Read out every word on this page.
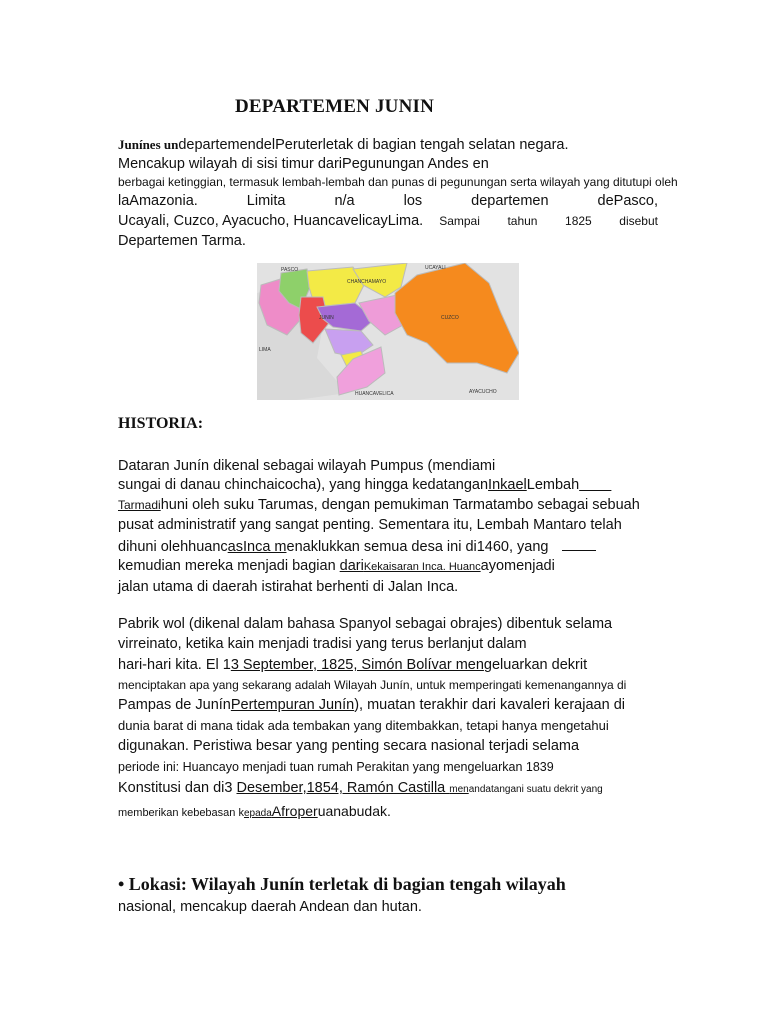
DEPARTEMEN JUNIN
Junínes undepartemendelPeruterletak di bagian tengah selatan negara.
Mencakup wilayah di sisi timur dariPegunungan Andes en
berbagai ketinggian, termasuk lembah-lembah dan punas di pegunungan serta wilayah yang ditutupi oleh
laAmazonia.	Limita	n/a	los	departemen	dePasco,
Ucayali, Cuzco, Ayacucho, HuancavelicayLima. Sampai tahun 1825 disebut
Departemen Tarma.
PASCO	UCAYALI
JUNIN
CHANCHAMAYO
LIMA
CUZCO
AYACUCHO
HUANCAVELICA
HISTORIA:
Dataran Junín dikenal sebagai wilayah Pumpus (mendiami
sungai di danau chinchaicocha), yang hingga kedatanganInkaelLembah
Tarmadihuni oleh suku Tarumas, dengan pemukiman Tarmatambo sebagai sebuah
pusat administratif yang sangat penting. Sementara itu, Lembah Mantaro telah
dihuni olehhuancasInca menaklukkan semua desa ini di1460, yang
kemudian mereka menjadi bagian dariKekaisaran Inca. Huancayomenjadi
jalan utama di daerah istirahat berhenti di Jalan Inca.
Pabrik wol (dikenal dalam bahasa Spanyol sebagai obrajes) dibentuk selama
virreinato, ketika kain menjadi tradisi yang terus berlanjut dalam
hari-hari kita. El 13 September, 1825, Simón Bolívar mengeluarkan dekrit
menciptakan apa yang sekarang adalah Wilayah Junín, untuk memperingati kemenangannya di
Pampas de JunínPertempuran Junín), muatan terakhir dari kavaleri kerajaan di
dunia barat di mana tidak ada tembakan yang ditembakkan, tetapi hanya mengetahui
digunakan. Peristiwa besar yang penting secara nasional terjadi selama
periode ini: Huancayo menjadi tuan rumah Perakitan yang mengeluarkan 1839
Konstitusi dan di3 Desember,1854, Ramón Castilla menandatangani suatu dekrit yang
memberikan kebebasan kepadaAfroperuanabudak.
• Lokasi: Wilayah Junín terletak di bagian tengah wilayah
nasional, mencakup daerah Andean dan hutan.
